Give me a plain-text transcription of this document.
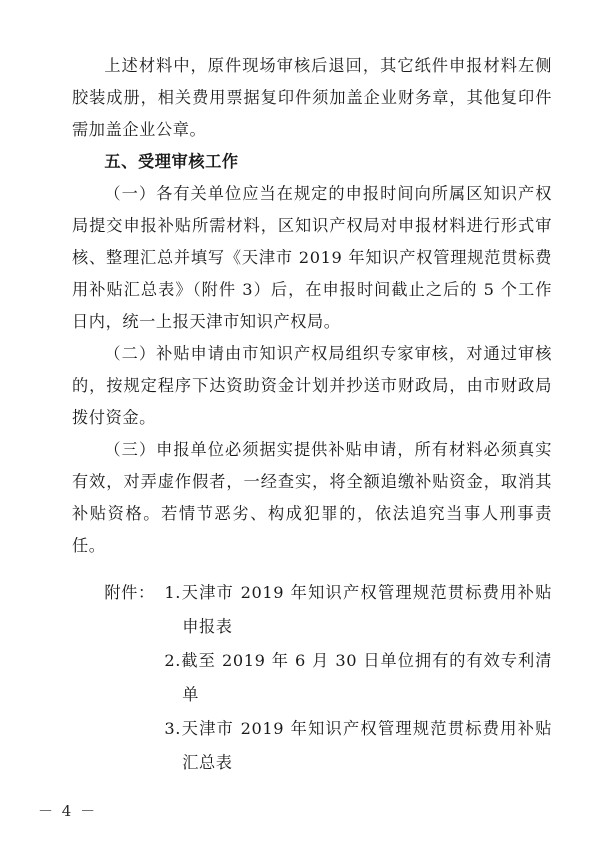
上述材料中，原件现场审核后退回，其它纸件申报材料左侧胶装成册，相关费用票据复印件须加盖企业财务章，其他复印件需加盖企业公章。

五、受理审核工作

（一）各有关单位应当在规定的申报时间向所属区知识产权局提交申报补贴所需材料，区知识产权局对申报材料进行形式审核、整理汇总并填写《天津市 2019 年知识产权管理规范贯标费用补贴汇总表》（附件 3）后，在申报时间截止之后的 5 个工作日内，统一上报天津市知识产权局。

（二）补贴申请由市知识产权局组织专家审核，对通过审核的，按规定程序下达资助资金计划并抄送市财政局，由市财政局拨付资金。

（三）申报单位必须据实提供补贴申请，所有材料必须真实有效，对弄虚作假者，一经查实，将全额追缴补贴资金，取消其补贴资格。若情节恶劣、构成犯罪的，依法追究当事人刑事责任。

附件： 1.天津市 2019 年知识产权管理规范贯标费用补贴申报表
2.截至 2019 年 6 月 30 日单位拥有的有效专利清单
3.天津市 2019 年知识产权管理规范贯标费用补贴汇总表
－ 4 －
